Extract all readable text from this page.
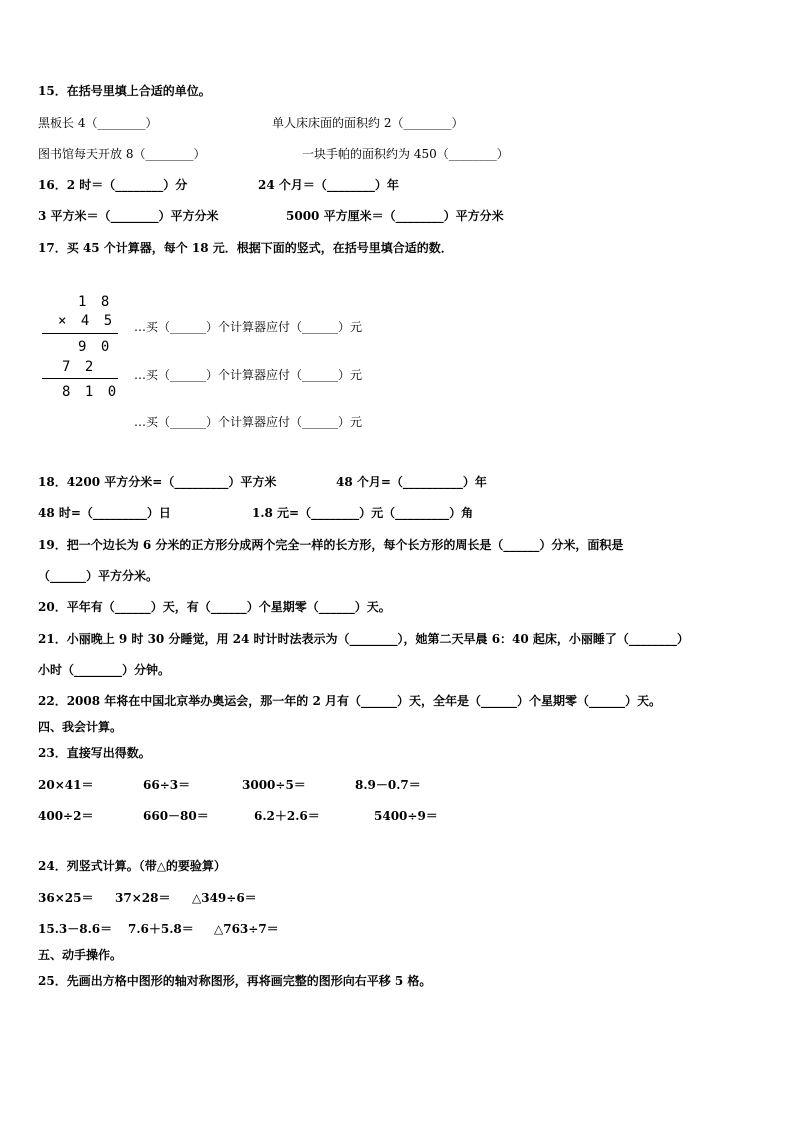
15．在括号里填上合适的单位。
黑板长 4（________）	单人床床面的面积约 2（________）
图书馆每天开放 8（________）	一块手帕的面积约为 450（________）
16．2 时＝（________）分	24 个月＝（________）年
3 平方米＝（________）平方分米	5000 平方厘米＝（________）平方分米
17．买 45 个计算器，每个 18 元．根据下面的竖式，在括号里填合适的数．
1 8
× 4 5
9 0
7 2
8 1 0
…买（______）个计算器应付（______）元
…买（______）个计算器应付（______）元
…买（______）个计算器应付（______）元
18．4200 平方分米=（_________）平方米	48 个月=（__________）年
48 时=（_________）日	1.8 元=（________）元（_________）角
19．把一个边长为 6 分米的正方形分成两个完全一样的长方形，每个长方形的周长是（______）分米，面积是
（______）平方分米。
20．平年有（______）天，有（______）个星期零（______）天。
21．小丽晚上 9 时 30 分睡觉，用 24 时计时法表示为（________），她第二天早晨 6：40 起床，小丽睡了（________）
小时（________）分钟。
22．2008 年将在中国北京举办奥运会，那一年的 2 月有（______）天，全年是（______）个星期零（______）天。
四、我会计算。
23．直接写出得数。
20×41＝	66÷3＝	3000÷5＝	8.9－0.7＝
400÷2＝	660－80＝	6.2＋2.6＝	5400÷9＝
24．列竖式计算。（带△的要验算）
36×25＝ 37×28＝ △349÷6＝
15.3－8.6＝ 7.6＋5.8＝ △763÷7＝
五、动手操作。
25．先画出方格中图形的轴对称图形，再将画完整的图形向右平移 5 格。
